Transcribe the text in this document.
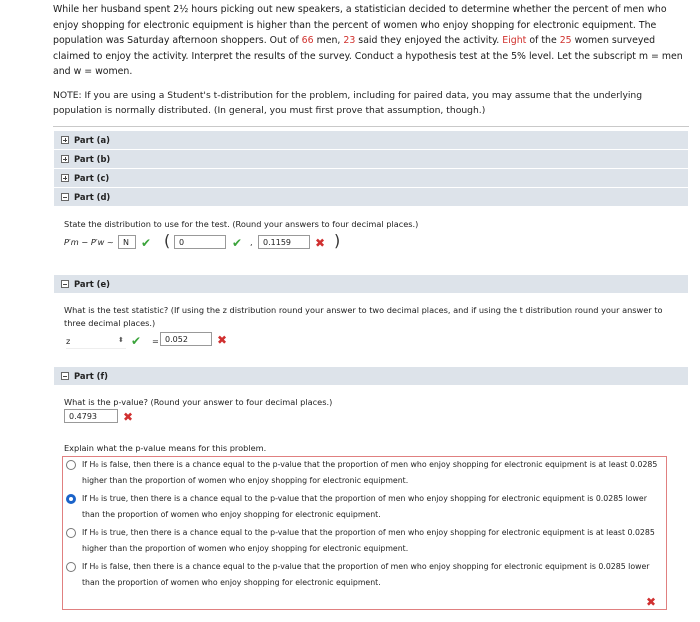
While her husband spent 2½ hours picking out new speakers, a statistician decided to determine whether the percent of men who enjoy shopping for electronic equipment is higher than the percent of women who enjoy shopping for electronic equipment. The population was Saturday afternoon shoppers. Out of 66 men, 23 said they enjoyed the activity. Eight of the 25 women surveyed claimed to enjoy the activity. Interpret the results of the survey. Conduct a hypothesis test at the 5% level. Let the subscript m = men and w = women.

NOTE: If you are using a Student's t-distribution for the problem, including for paired data, you may assume that the underlying population is normally distributed. (In general, you must first prove that assumption, though.)
Part (a)
Part (b)
Part (c)
Part (d)
State the distribution to use for the test. (Round your answers to four decimal places.)
P′m − P′w ~	N	✔ (	0	✔ ,	0.1159	✖ )
Part (e)
What is the test statistic? (If using the z distribution round your answer to two decimal places, and if using the t distribution round your answer to three decimal places.)
z	⬍ ✔ = 0.052	✖
Part (f)
What is the p-value? (Round your answer to four decimal places.)
0.4793	✖
Explain what the p-value means for this problem.
If H₀ is false, then there is a chance equal to the p-value that the proportion of men who enjoy shopping for electronic equipment is at least 0.0285 higher than the proportion of women who enjoy shopping for electronic equipment.
If H₀ is true, then there is a chance equal to the p-value that the proportion of men who enjoy shopping for electronic equipment is 0.0285 lower than the proportion of women who enjoy shopping for electronic equipment.
If H₀ is true, then there is a chance equal to the p-value that the proportion of men who enjoy shopping for electronic equipment is at least 0.0285 higher than the proportion of women who enjoy shopping for electronic equipment.
If H₀ is false, then there is a chance equal to the p-value that the proportion of men who enjoy shopping for electronic equipment is 0.0285 lower than the proportion of women who enjoy shopping for electronic equipment.
✖
